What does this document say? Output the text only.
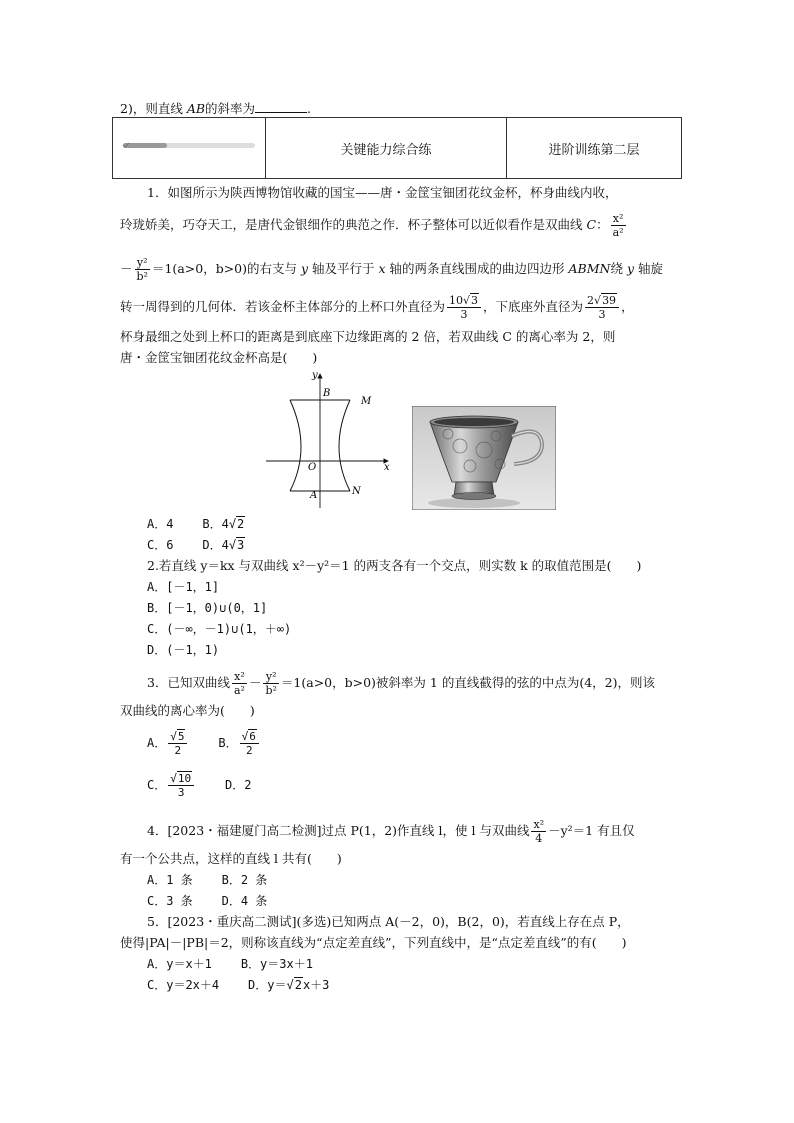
2)，则直线 AB的斜率为	.
	关键能力综合练	进阶训练第二层
1．如图所示为陕西博物馆收藏的国宝——唐・金筐宝钿团花纹金杯，杯身曲线内收，
玲珑娇美，巧夺天工，是唐代金银细作的典范之作．杯子整体可以近似看作是双曲线 C： $\frac{\text{x²}}{\text{a²}}$
－ $\frac{\text{y²}}{\text{b²}} =1(a>0$，b>0)的右支与 y 轴及平行于 x 轴的两条直线围成的曲边四边形 ABMN绕 y 轴旋
转一周得到的几何体．若该金杯主体部分的上杯口外直径为 $\frac{10√3}{3}$ ，下底座外直径为 $\frac{2√39}{3}$ ，
杯身最细之处到上杯口的距离是到底座下边缘距离的 2 倍，若双曲线 C 的离心率为 2，则
唐・金筐宝钿团花纹金杯高是(　　)
y
x
B
M
O
A	N
A．4 B．4√2
C．6 D．4√3
2.若直线 y＝kx 与双曲线 x²－y²＝1 的两支各有一个交点，则实数 k 的取值范围是(　　)
A．[－1，1]
B．[－1，0)∪(0，1]
C．(－∞，－1)∪(1，＋∞)
D．(－1，1)
3．已知双曲线 $\frac{\text{x²}}{\text{a²}} - \frac{\text{y²}}{\text{b²}} =1(a>0$，b>0)被斜率为 1 的直线截得的弦的中点为(4，2)，则该
双曲线的离心率为(　　)
A． $\frac{√5}{2}$	B． $\frac{√6}{2}$
C． $\frac{√10}{3}$	D．2
4．[2023・福建厦门高二检测]过点 P(1，2)作直线 l，使 l 与双曲线 $\frac{\text{x²}}{4} -y^2=1$ 有且仅
有一个公共点，这样的直线 l 共有(　　)
A．1 条 B．2 条
C．3 条 D．4 条
5．[2023・重庆高二测试](多选)已知两点 A(－2，0)，B(2，0)，若直线上存在点 P，
使得|PA|－|PB|＝2，则称该直线为“点定差直线”，下列直线中，是“点定差直线”的有(　　)
A．y＝x＋1 B．y＝3x＋1
C．y＝2x＋4 D．y＝√2x＋3
